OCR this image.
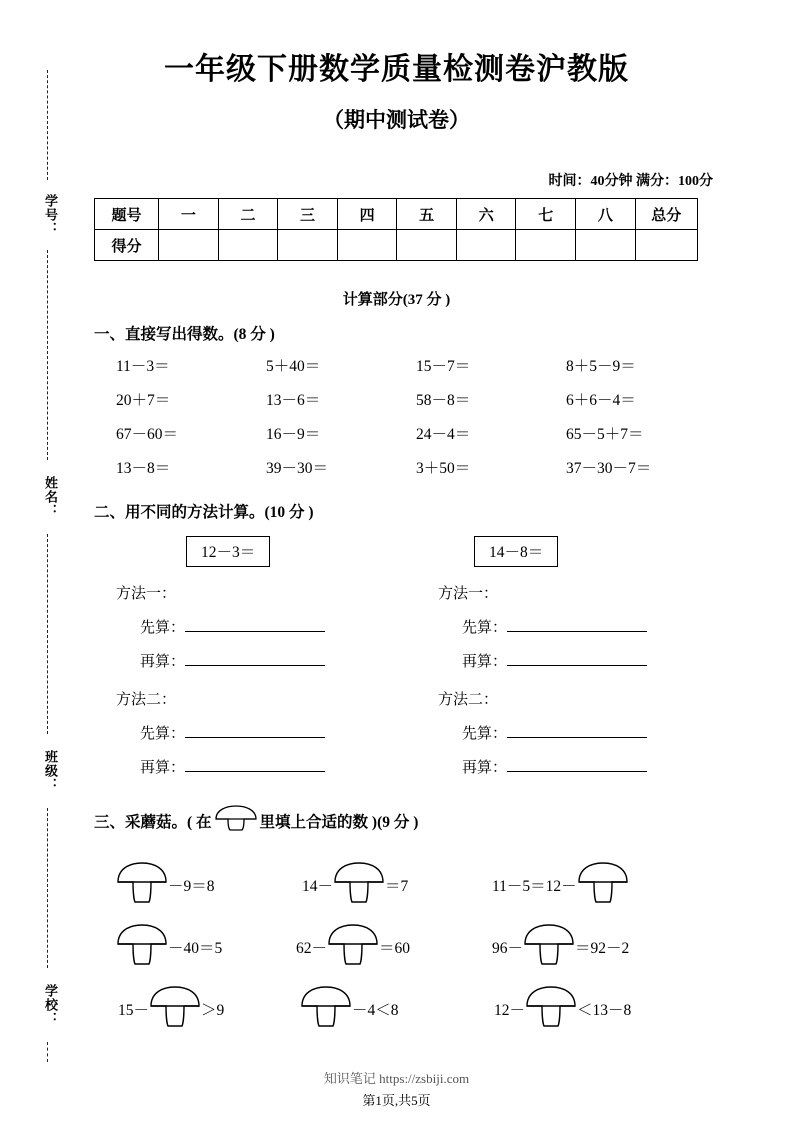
学号：
姓名：
班级：
学校：
一年级下册数学质量检测卷沪教版
（期中测试卷）
时间：40分钟 满分：100分
题号	一	二	三	四	五	六	七	八	总分
得分									
计算部分(37 分 )
一、直接写出得数。(8 分 )
11－3＝	5＋40＝	15－7＝	8＋5－9＝
20＋7＝	13－6＝	58－8＝	6＋6－4＝
67－60＝	16－9＝	24－4＝	65－5＋7＝
13－8＝	39－30＝	3＋50＝	37－30－7＝
二、用不同的方法计算。(10 分 )
12－3＝	14－8＝
方法一：
先算：
再算：
方法二：
先算：
再算：
方法一：
先算：
再算：
方法二：
先算：
再算：
三、采蘑菇。( 在	里填上合适的数 )(9 分 )
－9＝8	14－	＝7	11－5＝12－
－40＝5	62－	＝60	96－	＝92－2
15－	＞9	－4＜8	12－	＜13－8
知识笔记 https://zsbiji.com
第1页,共5页
